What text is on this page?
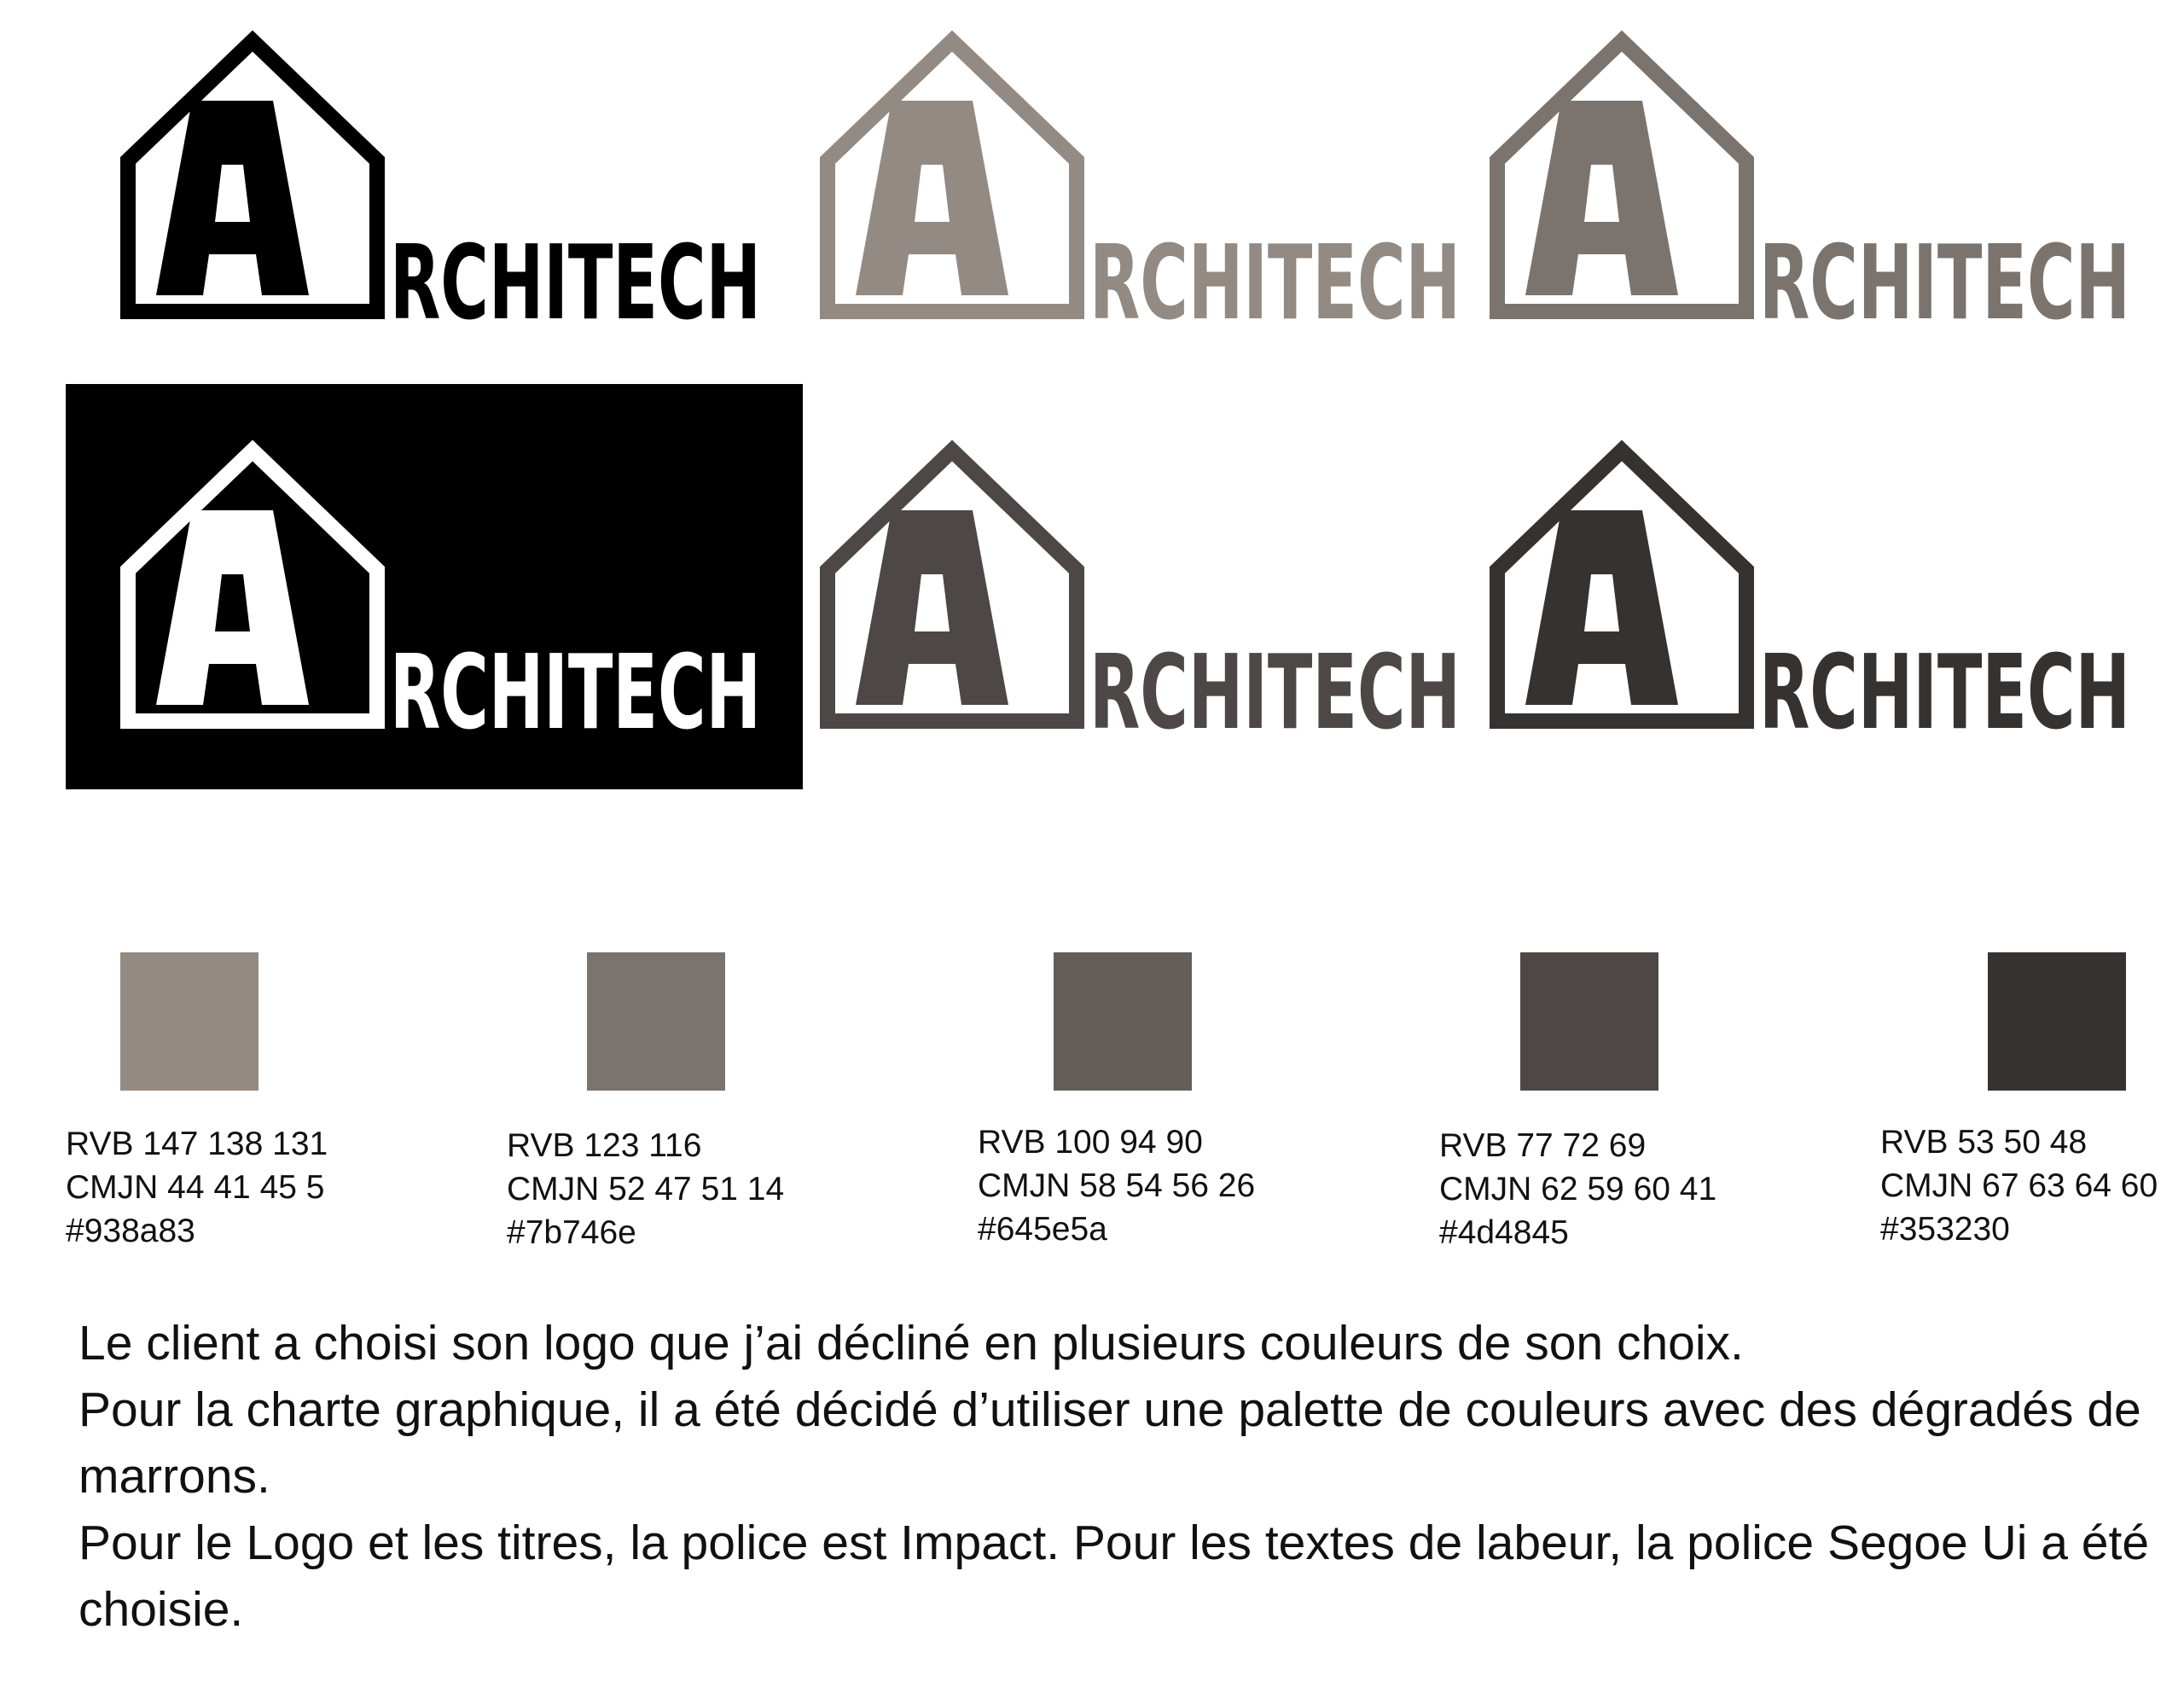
RCHITECH	RCHITECH	RCHITECH
RCHITECH	RCHITECH	RCHITECH
RVB 147 138 131
CMJN 44 41 45 5
#938a83
RVB 123 116
CMJN 52 47 51 14
#7b746e
RVB 100 94 90
CMJN 58 54 56 26
#645e5a
RVB 77 72 69
CMJN 62 59 60 41
#4d4845
RVB 53 50 48
CMJN 67 63 64 60
#353230

Le client a choisi son logo que j’ai décliné en plusieurs couleurs de son choix.

Pour la charte graphique, il a été décidé d’utiliser une palette de couleurs avec des dégradés de marrons.

Pour le Logo et les titres, la police est Impact. Pour les textes de labeur, la police Segoe Ui a été choisie.
